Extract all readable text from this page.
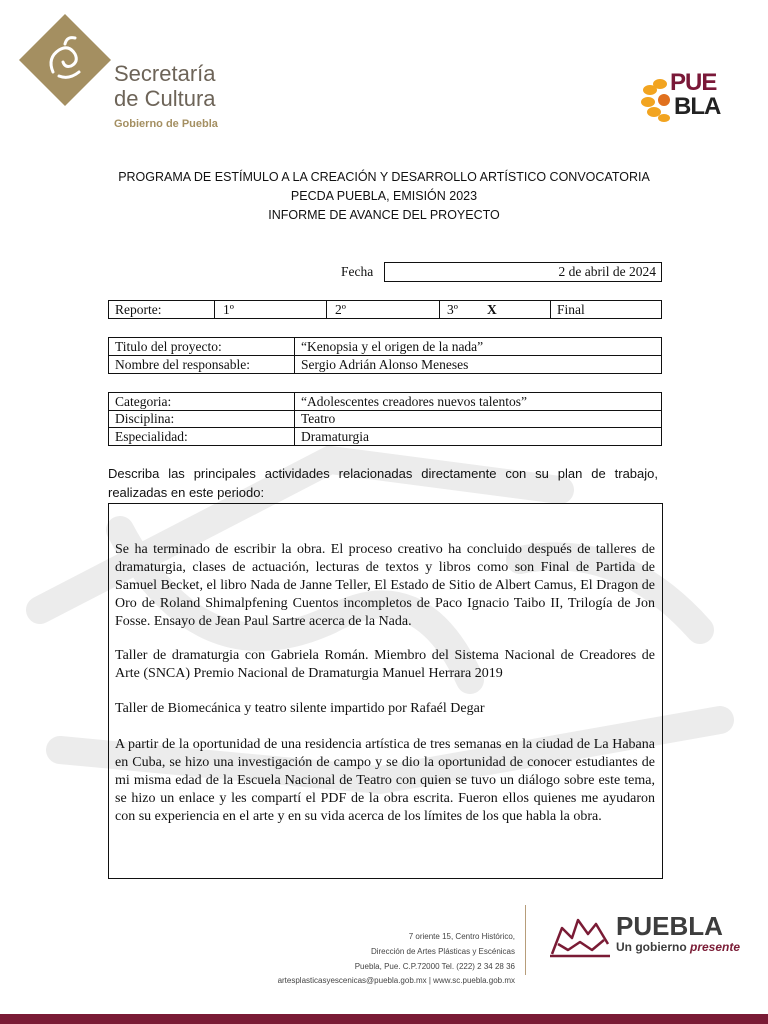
Secretaría
de Cultura
Gobierno de Puebla
PUE
BLA
PROGRAMA DE ESTÍMULO A LA CREACIÓN Y DESARROLLO ARTÍSTICO CONVOCATORIA
PECDA PUEBLA, EMISIÓN 2023
INFORME DE AVANCE DEL PROYECTO
Fecha	2 de abril de 2024
Reporte:	1º	2º	3º X	Final
Titulo del proyecto:	“Kenopsia y el origen de la nada”
Nombre del responsable:	Sergio Adrián Alonso Meneses
Categoria:	“Adolescentes creadores nuevos talentos”
Disciplina:	Teatro
Especialidad:	Dramaturgia
Describa las principales actividades relacionadas directamente con su plan de trabajo, realizadas en este periodo:
Se ha terminado de escribir la obra. El proceso creativo ha concluido después de talleres de dramaturgia, clases de actuación, lecturas de textos y libros como son Final de Partida de Samuel Becket, el libro Nada de Janne Teller, El Estado de Sitio de Albert Camus, El Dragon de Oro de Roland Shimalpfening Cuentos incompletos de Paco Ignacio Taibo II, Trilogía de Jon Fosse. Ensayo de Jean Paul Sartre acerca de la Nada.
Taller de dramaturgia con Gabriela Román. Miembro del Sistema Nacional de Creadores de Arte (SNCA) Premio Nacional de Dramaturgia Manuel Herrara 2019
Taller de Biomecánica y teatro silente impartido por Rafaél Degar
A partir de la oportunidad de una residencia artística de tres semanas en la ciudad de La Habana en Cuba, se hizo una investigación de campo y se dio la oportunidad de conocer estudiantes de mi misma edad de la Escuela Nacional de Teatro con quien se tuvo un diálogo sobre este tema, se hizo un enlace y les compartí el PDF de la obra escrita. Fueron ellos quienes me ayudaron con su experiencia en el arte y en su vida acerca de los límites de los que habla la obra.
7 oriente 15, Centro Histórico,
Dirección de Artes Plásticas y Escénicas
Puebla, Pue. C.P.72000 Tel. (222) 2 34 28 36
artesplasticasyescenicas@puebla.gob.mx | www.sc.puebla.gob.mx
PUEBLA
Un gobierno presente
